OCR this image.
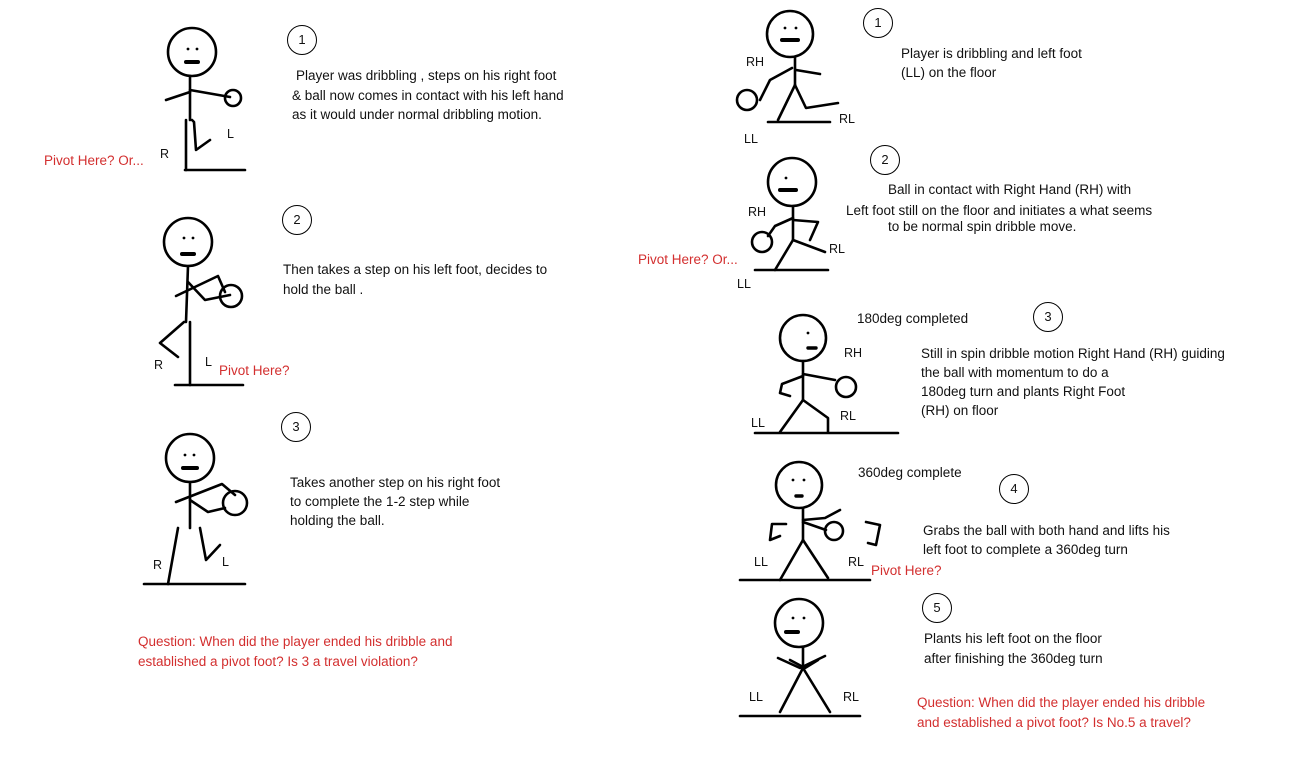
1
Player was dribbling , steps on his right foot
& ball now comes in contact with his left hand
as it would under normal dribbling motion.
Pivot Here? Or... R
L
2
Then takes a step on his left foot, decides to
hold the ball .
R	L
Pivot Here?
3
Takes another step on his right foot
to complete the 1-2 step while
holding the ball.
R	L
Question: When did the player ended his dribble and
established a pivot foot? Is 3 a travel violation?
1
Player is dribbling and left foot
(LL) on the floor
RH
LL
RL
2
Ball in contact with Right Hand (RH) with
Left foot still on the floor and initiates a what seems
to be normal spin dribble move.
RH
LL
RL
Pivot Here? Or...
180deg completed	3
Still in spin dribble motion Right Hand (RH) guiding
the ball with momentum to do a
180deg turn and plants Right Foot
(RH) on floor
RH
LL	RL
360deg complete
4
Grabs the ball with both hand and lifts his
left foot to complete a 360deg turn
LL	RL
Pivot Here?
5
Plants his left foot on the floor
after finishing the 360deg turn
LL	RL	Question: When did the player ended his dribble
and established a pivot foot? Is No.5 a travel?
